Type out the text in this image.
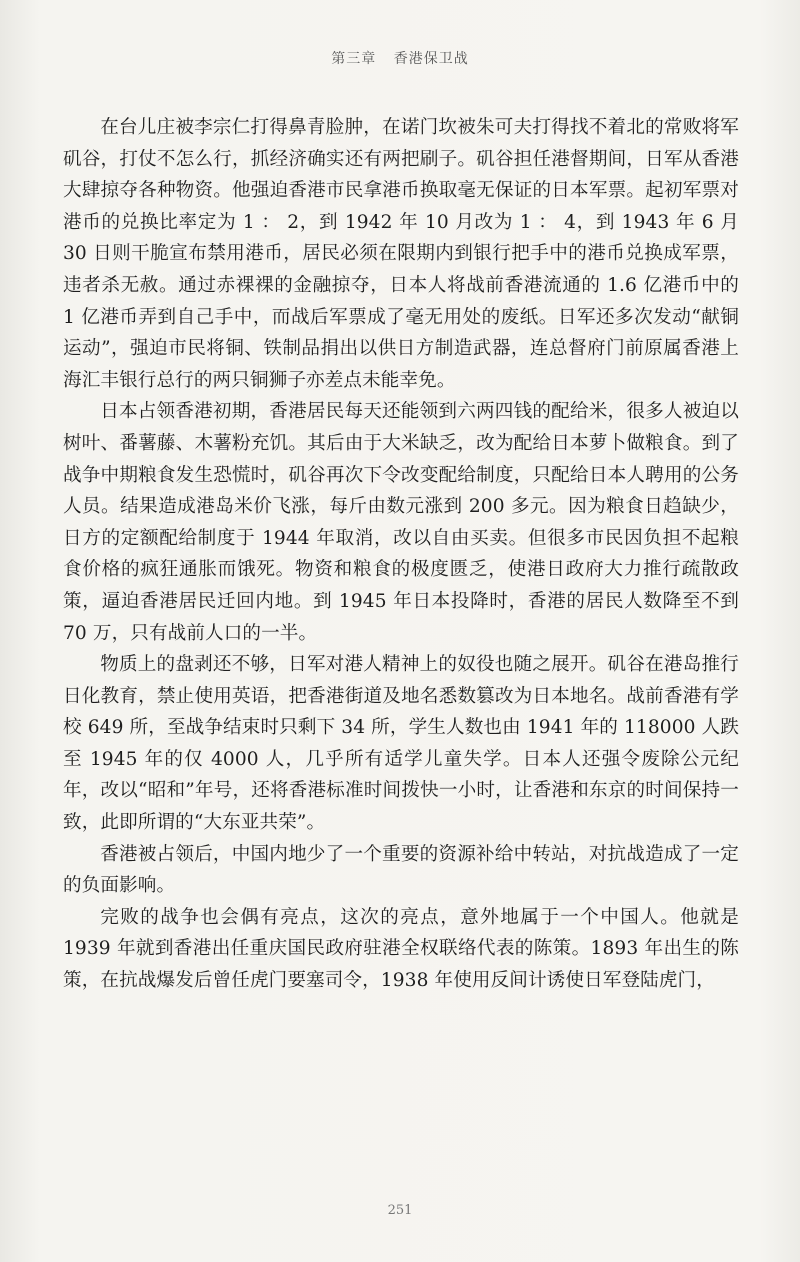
第三章 香港保卫战

在台儿庄被李宗仁打得鼻青脸肿，在诺门坎被朱可夫打得找不着北的常败将军矶谷，打仗不怎么行，抓经济确实还有两把刷子。矶谷担任港督期间，日军从香港大肆掠夺各种物资。他强迫香港市民拿港币换取毫无保证的日本军票。起初军票对港币的兑换比率定为 1 ： 2，到 1942 年 10 月改为 1 ： 4，到 1943 年 6 月 30 日则干脆宣布禁用港币，居民必须在限期内到银行把手中的港币兑换成军票，违者杀无赦。通过赤裸裸的金融掠夺，日本人将战前香港流通的 1.6 亿港币中的 1 亿港币弄到自己手中，而战后军票成了毫无用处的废纸。日军还多次发动“献铜运动”，强迫市民将铜、铁制品捐出以供日方制造武器，连总督府门前原属香港上海汇丰银行总行的两只铜狮子亦差点未能幸免。

日本占领香港初期，香港居民每天还能领到六两四钱的配给米，很多人被迫以树叶、番薯藤、木薯粉充饥。其后由于大米缺乏，改为配给日本萝卜做粮食。到了战争中期粮食发生恐慌时，矶谷再次下令改变配给制度，只配给日本人聘用的公务人员。结果造成港岛米价飞涨，每斤由数元涨到 200 多元。因为粮食日趋缺少，日方的定额配给制度于 1944 年取消，改以自由买卖。但很多市民因负担不起粮食价格的疯狂通胀而饿死。物资和粮食的极度匮乏，使港日政府大力推行疏散政策，逼迫香港居民迁回内地。到 1945 年日本投降时，香港的居民人数降至不到 70 万，只有战前人口的一半。

物质上的盘剥还不够，日军对港人精神上的奴役也随之展开。矶谷在港岛推行日化教育，禁止使用英语，把香港街道及地名悉数篡改为日本地名。战前香港有学校 649 所，至战争结束时只剩下 34 所，学生人数也由 1941 年的 118000 人跌至 1945 年的仅 4000 人，几乎所有适学儿童失学。日本人还强令废除公元纪年，改以“昭和”年号，还将香港标准时间拨快一小时，让香港和东京的时间保持一致，此即所谓的“大东亚共荣”。

香港被占领后，中国内地少了一个重要的资源补给中转站，对抗战造成了一定的负面影响。

完败的战争也会偶有亮点，这次的亮点，意外地属于一个中国人。他就是 1939 年就到香港出任重庆国民政府驻港全权联络代表的陈策。1893 年出生的陈策，在抗战爆发后曾任虎门要塞司令，1938 年使用反间计诱使日军登陆虎门，

251
